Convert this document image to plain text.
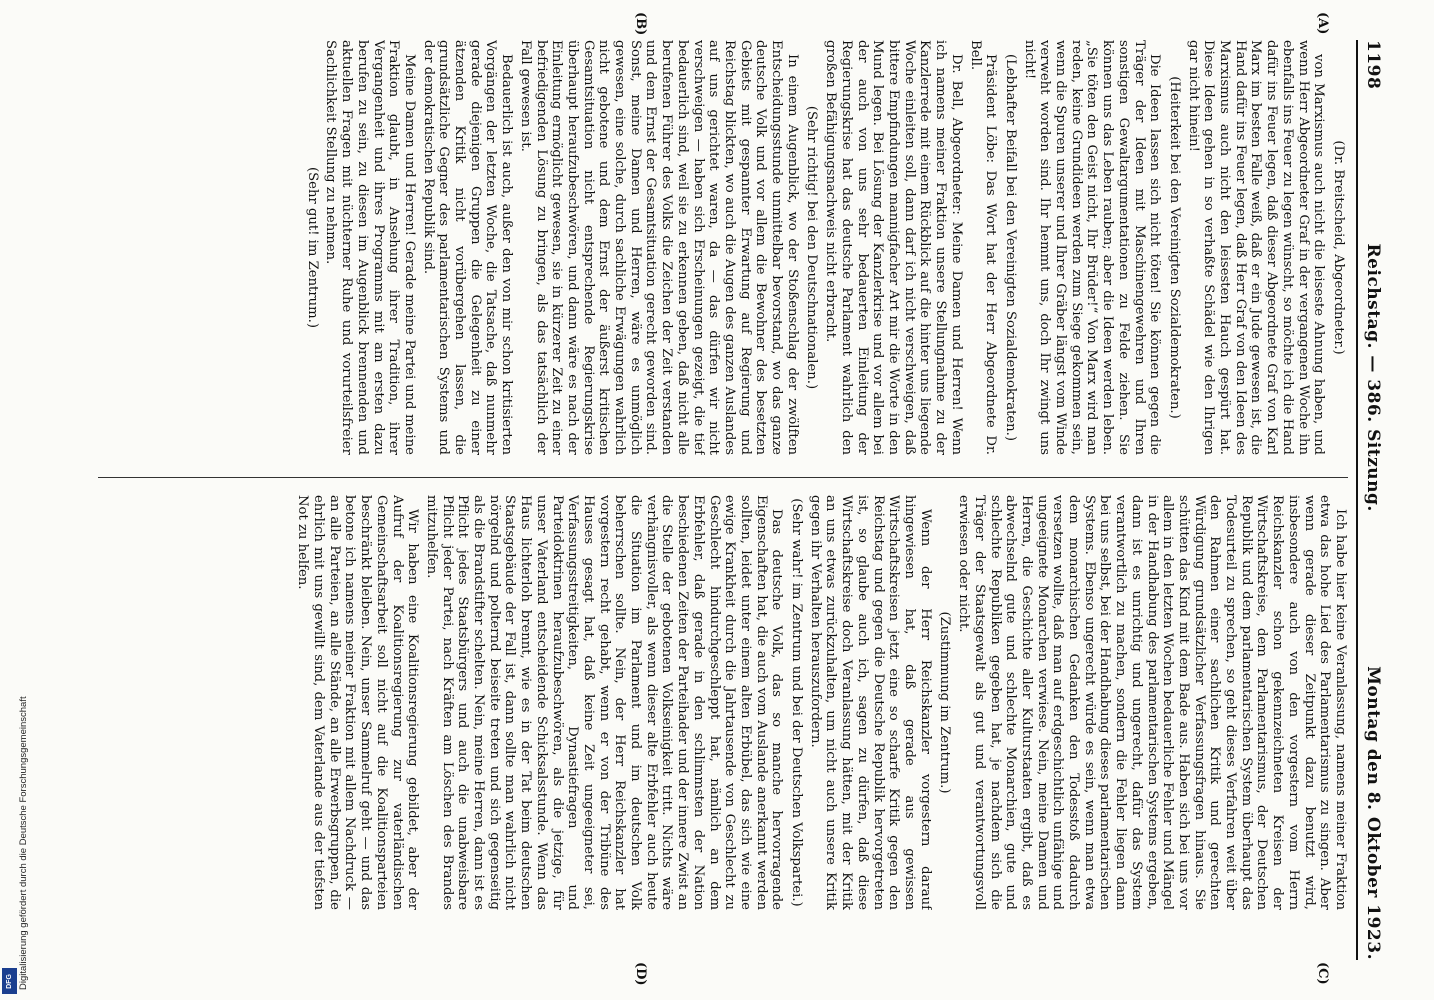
1198
Reichstag. — 386. Sitzung.
Montag den 8. Oktober 1923.

(Dr. Breitscheid, Abgeordneter.)

von Marxismus auch nicht die leiseste Ahnung haben, und wenn Herr Abgeordneter Graf in der vergangenen Woche ihn ebenfalls ins Feuer zu legen wünscht, so möchte ich die Hand dafür ins Feuer legen, daß dieser Abgeordnete Graf von Karl Marx im besten Falle weiß, daß er ein Jude gewesen ist, die Hand dafür ins Feuer legen, daß Herr Graf von den Ideen des Marxismus auch nicht den leisesten Hauch gespürt hat. Diese Ideen gehen in so verhaßte Schädel wie den Ihrigen gar nicht hinein!

(Heiterkeit bei den Vereinigten Sozialdemokraten.)

Die Ideen lassen sich nicht töten! Sie können gegen die Träger der Ideen mit Maschinengewehren und Ihren sonstigen Gewaltargumentationen zu Felde ziehen. Sie können uns das Leben rauben; aber die Ideen werden leben. „Sie töten den Geist nicht, Ihr Brüder!“ Von Marx wird man reden, keine Grundideen werden zum Siege gekommen sein, wenn die Spuren unserer und Ihrer Gräber längst vom Winde verweht worden sind. Ihr hemmt uns, doch Ihr zwingt uns nicht!

(Lebhafter Beifall bei den Vereinigten Sozialdemokraten.)

Präsident Löbe: Das Wort hat der Herr Abgeordnete Dr. Bell.

Dr. Bell, Abgeordneter: Meine Damen und Herren! Wenn ich namens meiner Fraktion unsere Stellungnahme zu der Kanzlerrede mit einem Rückblick auf die hinter uns liegende Woche einleiten soll, dann darf ich nicht verschweigen, daß bittere Empfindungen mannigfacher Art mir die Worte in den Mund legen. Bei Lösung der Kanzlerkrise und vor allem bei der auch von uns sehr bedauerten Einleitung der Regierungskrise hat das deutsche Parlament wahrlich den großen Befähigungsnachweis nicht erbracht.

(Sehr richtig! bei den Deutschnationalen.)

In einem Augenblick, wo der Stoßenschlag der zwölften Entscheidungsstunde unmittelbar bevorstand, wo das ganze deutsche Volk und vor allem die Bewohner des besetzten Gebiets mit gespannter Erwartung auf Regierung und Reichstag blickten, wo auch die Augen des ganzen Auslandes auf uns gerichtet waren, da — das dürfen wir nicht verschweigen — haben sich Erscheinungen gezeigt, die tief bedauerlich sind, weil sie zu erkennen geben, daß nicht alle berufenen Führer des Volks die Zeichen der Zeit verstanden und dem Ernst der Gesamtsituation gerecht geworden sind. Sonst, meine Damen und Herren, wäre es unmöglich gewesen, eine solche, durch sachliche Erwägungen wahrlich nicht gebotene und dem Ernst der äußerst kritischen Gesamtsituation nicht entsprechende Regierungskrise überhaupt heraufzubeschwören, und dann wäre es nach der Einleitung ermöglicht gewesen, sie in kürzerer Zeit zu einer befriedigenden Lösung zu bringen, als das tatsächlich der Fall gewesen ist.

Bedauerlich ist auch, außer den von mir schon kritisierten Vorgängen der letzten Woche, die Tatsache, daß nunmehr gerade diejenigen Gruppen die Gelegenheit zu einer ätzenden Kritik nicht vorübergehen lassen, die grundsätzliche Gegner des parlamentarischen Systems und der demokratischen Republik sind.

Meine Damen und Herren! Gerade meine Partei und meine Fraktion glaubt, in Ansehung ihrer Tradition, ihrer Vergangenheit und ihres Programms mit am ersten dazu berufen zu sein, zu diesen im Augenblick brennenden und aktuellen Fragen mit nüchterner Ruhe und vorurteilsfreier Sachlichkeit Stellung zu nehmen.

(Sehr gut! im Zentrum.)

Ich habe hier keine Veranlassung, namens meiner Fraktion etwa das hohe Lied des Parlamentarismus zu singen. Aber wenn gerade dieser Zeitpunkt dazu benutzt wird, insbesondere auch von den vorgestern vom Herrn Reichskanzler schon gekennzeichneten Kreisen der Wirtschaftskreise, dem Parlamentarismus, der Deutschen Republik und dem parlamentarischen System überhaupt das Todesurteil zu sprechen, so geht dieses Verfahren weit über den Rahmen einer sachlichen Kritik und gerechten Würdigung grundsätzlicher Verfassungsfragen hinaus. Sie schütten das Kind mit dem Bade aus. Haben sich bei uns vor allem in den letzten Wochen bedauerliche Fehler und Mängel in der Handhabung des parlamentarischen Systems ergeben, dann ist es unrichtig und ungerecht, dafür das System verantwortlich zu machen, sondern die Fehler liegen dann bei uns selbst, bei der Handhabung dieses parlamentarischen Systems. Ebenso ungerecht würde es sein, wenn man etwa dem monarchischen Gedanken den Todesstoß dadurch versetzen wollte, daß man auf erdgeschichtlich unfähige und ungeeignete Monarchen verwiese. Nein, meine Damen und Herren, die Geschichte aller Kulturstaaten ergibt, daß es abwechselnd gute und schlechte Monarchien, gute und schlechte Republiken gegeben hat, je nachdem sich die Träger der Staatsgewalt als gut und verantwortungsvoll erwiesen oder nicht.

(Zustimmung im Zentrum.)

Wenn der Herr Reichskanzler vorgestern darauf hingewiesen hat, daß gerade aus gewissen Wirtschaftskreisen jetzt eine so scharfe Kritik gegen den Reichstag und gegen die Deutsche Republik hervorgetreten ist, so glaube auch ich, sagen zu dürfen, daß diese Wirtschaftskreise doch Veranlassung hätten, mit der Kritik an uns etwas zurückzuhalten, um nicht auch unsere Kritik gegen ihr Verhalten herauszufordern.

(Sehr wahr! im Zentrum und bei der Deutschen Volkspartei.)

Das deutsche Volk, das so manche hervorragende Eigenschaften hat, die auch vom Auslande anerkannt werden sollten, leidet unter einem alten Erbübel, das sich wie eine ewige Krankheit durch die Jahrtausende von Geschlecht zu Geschlecht hindurchgeschleppt hat, nämlich an dem Erbfehler, daß gerade in den schlimmsten der Nation beschiedenen Zeiten der Parteihader und der innere Zwist an die Stelle der gebotenen Volkseinigkeit tritt. Nichts wäre verhängnisvoller, als wenn dieser alte Erbfehler auch heute die Situation im Parlament und im deutschen Volk beherrschen sollte. Nein, der Herr Reichskanzler hat vorgestern recht gehabt, wenn er von der Tribüne des Hauses gesagt hat, daß keine Zeit ungeeigneter sei, Verfassungsstreitigkeiten, Dynastiefragen und Parteidoktrinen heraufzubeschwören, als die jetzige, für unser Vaterland entscheidende Schicksalsstunde. Wenn das Haus lichterloh brennt, wie es in der Tat beim deutschen Staatsgebäude der Fall ist, dann sollte man wahrlich nicht nörgelnd und polternd beiseite treten und sich gegenseitig als die Brandstifter schelten. Nein, meine Herren, dann ist es Pflicht jedes Staatsbürgers und auch die unabweisbare Pflicht jeder Partei, nach Kräften am Löschen des Brandes mitzuhelfen.

Wir haben eine Koalitionsregierung gebildet, aber der Aufruf der Koalitionsregierung zur vaterländischen Gemeinschaftsarbeit soll nicht auf die Koalitionsparteien beschränkt bleiben. Nein, unser Sammelruf geht — und das betone ich namens meiner Fraktion mit allem Nachdruck — an alle Parteien, an alle Stände, an alle Erwerbsgruppen, die ehrlich mit uns gewillt sind, dem Vaterlande aus der tiefsten Not zu helfen.

(A)
(B)
(C)
(D)
Digitalisierung gefördert durch die Deutsche Forschungsgemeinschaft
DFG
